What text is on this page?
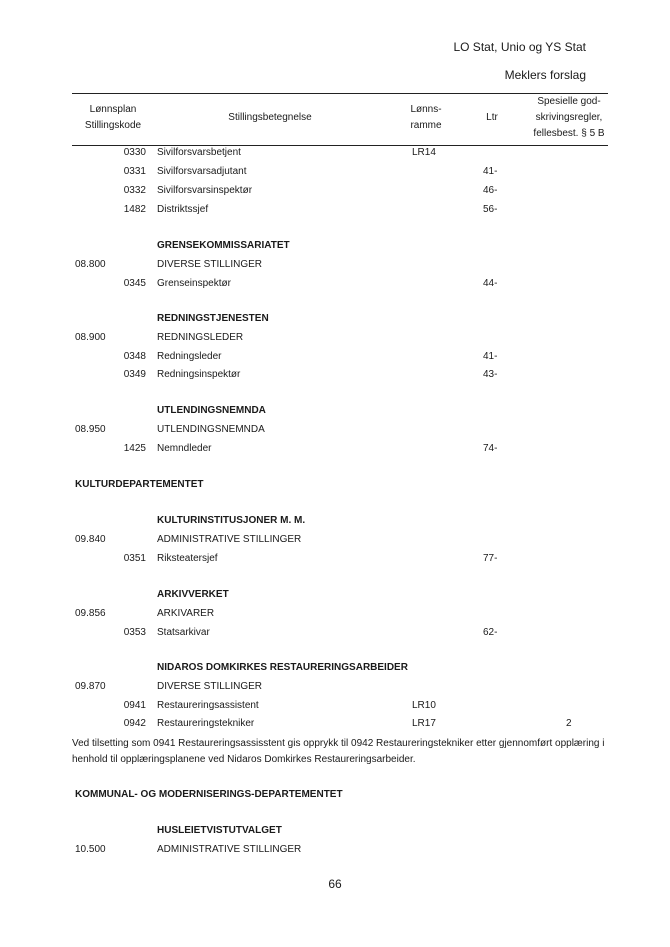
LO Stat, Unio og YS Stat
Meklers forslag
Lønnsplan
Stillingskode
Stillingsbetegnelse
Lønns-
ramme
Ltr
Spesielle god-
skrivingsregler,
fellesbest. § 5 B
0330 Sivilforsvarsbetjent	LR14
0331 Sivilforsvarsadjutant	41-
0332 Sivilforsvarsinspektør	46-
1482 Distriktssjef	56-
GRENSEKOMMISSARIATET
08.800	DIVERSE STILLINGER
0345 Grenseinspektør	44-
REDNINGSTJENESTEN
08.900	REDNINGSLEDER
0348 Redningsleder	41-
0349 Redningsinspektør	43-
UTLENDINGSNEMNDA
08.950	UTLENDINGSNEMNDA
1425 Nemndleder	74-
KULTURDEPARTEMENTET
KULTURINSTITUSJONER M. M.
09.840	ADMINISTRATIVE STILLINGER
0351 Riksteatersjef	77-
ARKIVVERKET
09.856	ARKIVARER
0353 Statsarkivar	62-
NIDAROS DOMKIRKES RESTAURERINGSARBEIDER
09.870	DIVERSE STILLINGER
0941 Restaureringsassistent	LR10
0942 Restaureringstekniker	LR17	2
Ved tilsetting som 0941 Restaureringsassisstent gis opprykk til 0942 Restaureringstekniker etter gjennomført opplæring i henhold til opplæringsplanene ved Nidaros Domkirkes Restaureringsarbeider.
KOMMUNAL- OG MODERNISERINGS-DEPARTEMENTET
HUSLEIETVISTUTVALGET
10.500	ADMINISTRATIVE STILLINGER
66
